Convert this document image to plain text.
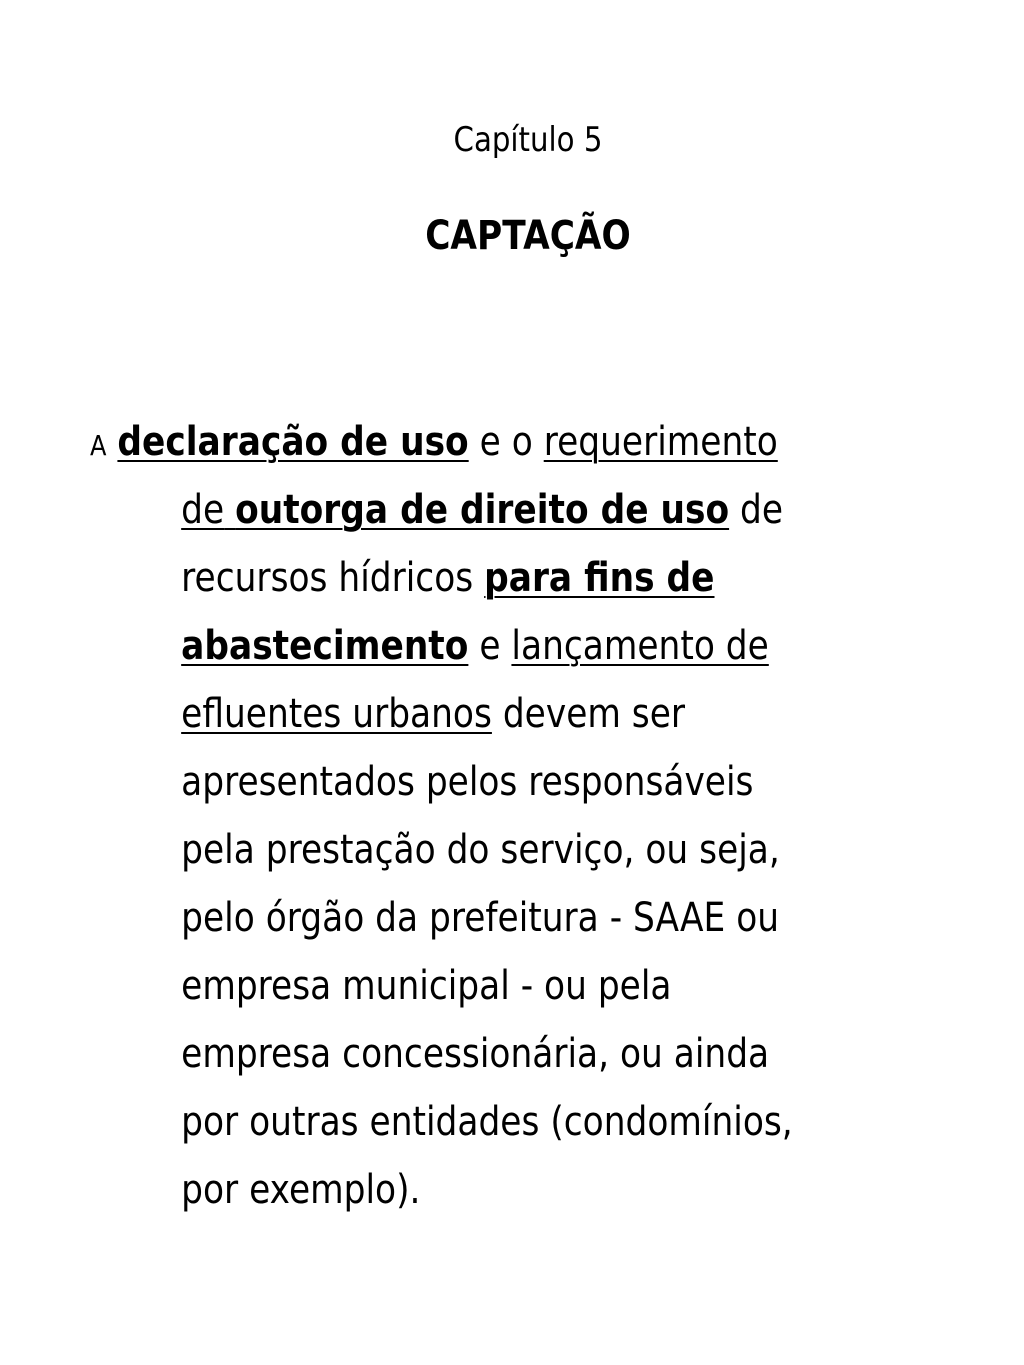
Capítulo 5
CAPTAÇÃO
A declaração de uso e o requerimento
de outorga de direito de uso de
recursos hídricos para fins de
abastecimento e lançamento de
efluentes urbanos devem ser
apresentados pelos responsáveis
pela prestação do serviço, ou seja,
pelo órgão da prefeitura - SAAE ou
empresa municipal - ou pela
empresa concessionária, ou ainda
por outras entidades (condomínios,
por exemplo).
